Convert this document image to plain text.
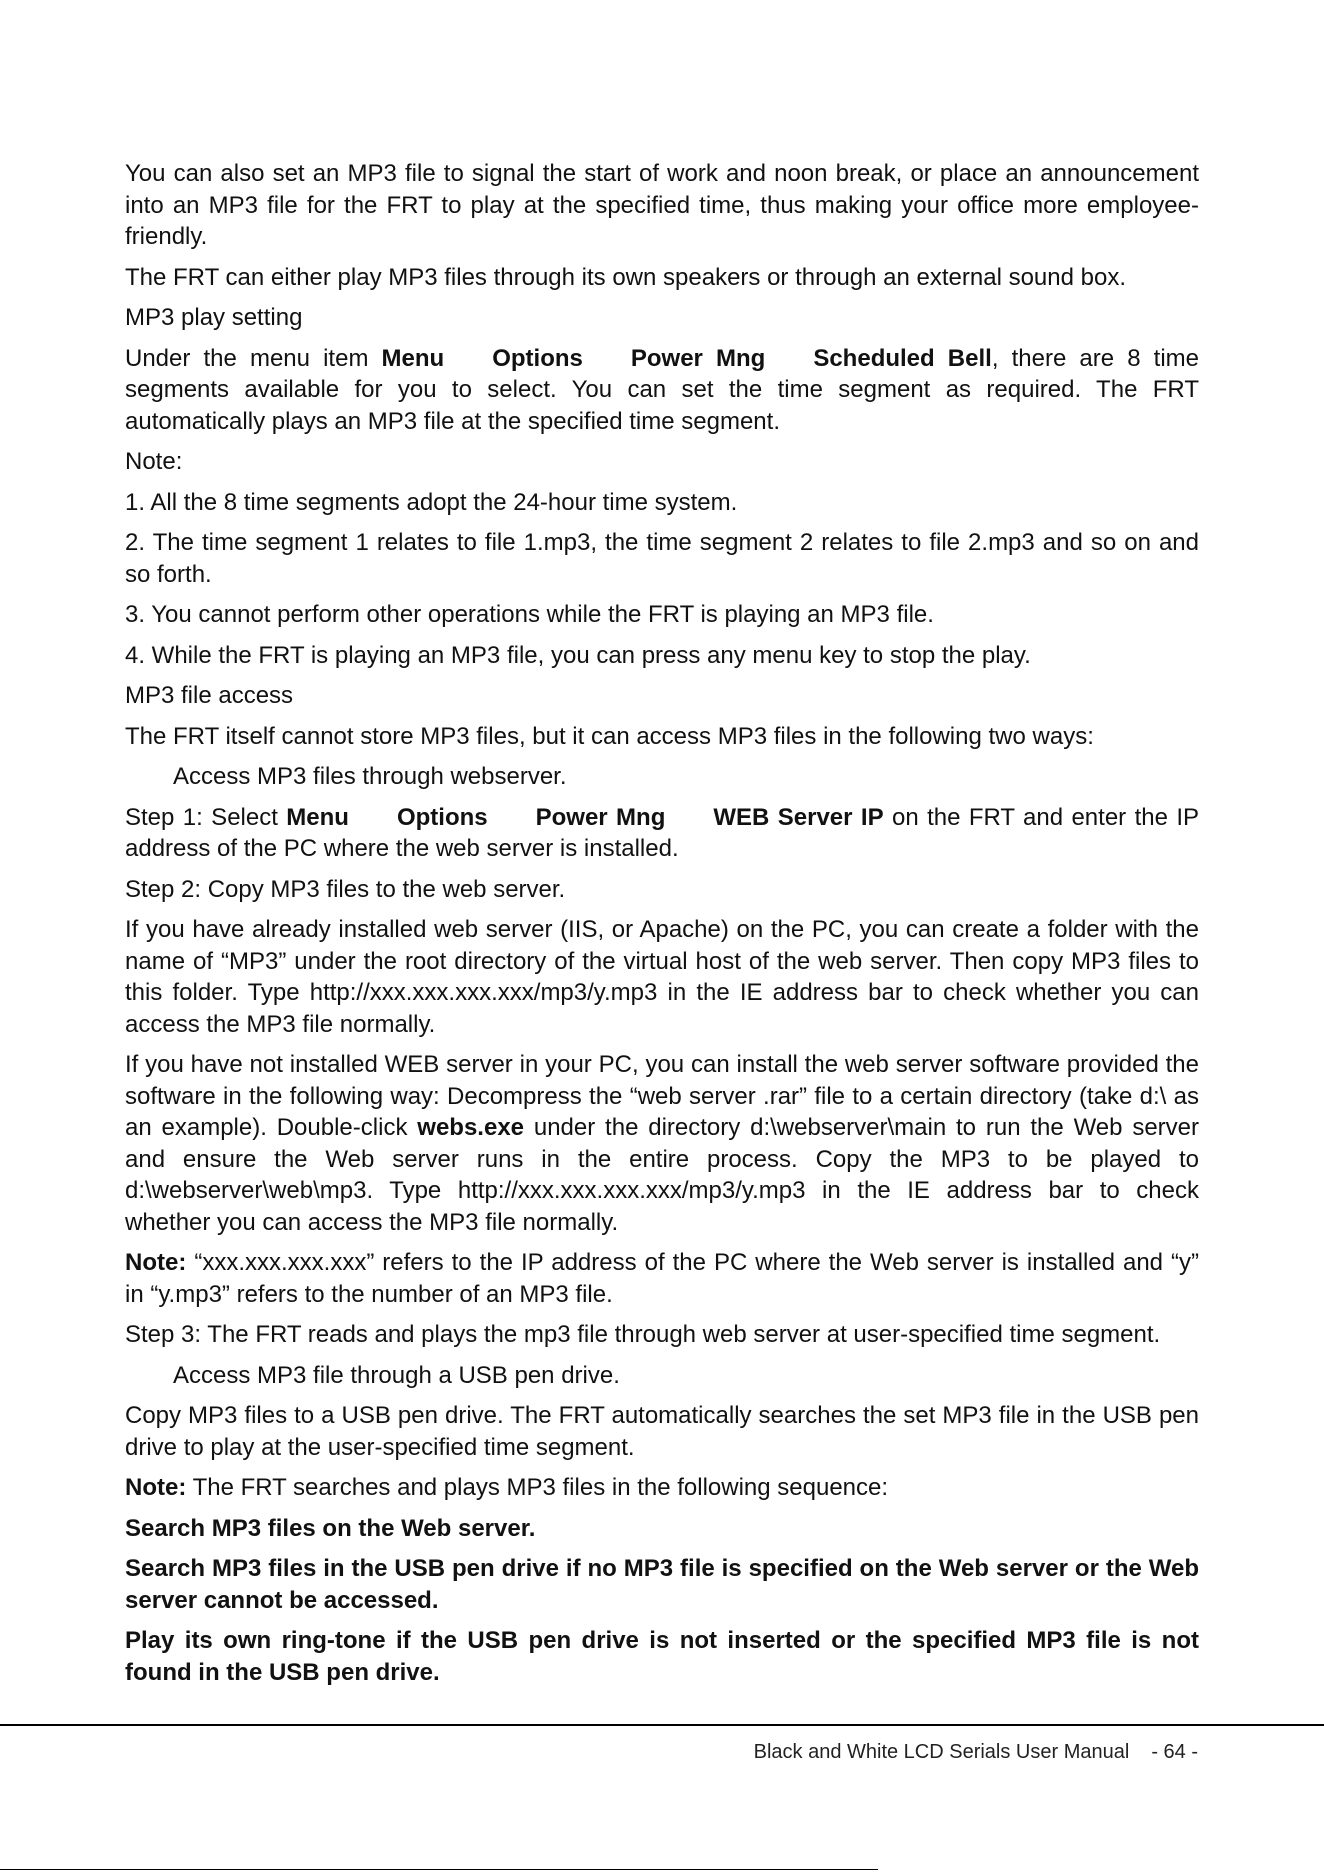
You can also set an MP3 file to signal the start of work and noon break, or place an announcement into an MP3 file for the FRT to play at the specified time, thus making your office more employee-friendly.

The FRT can either play MP3 files through its own speakers or through an external sound box.

MP3 play setting

Under the menu item Menu Options Power Mng Scheduled Bell, there are 8 time segments available for you to select. You can set the time segment as required. The FRT automatically plays an MP3 file at the specified time segment.

Note:

1. All the 8 time segments adopt the 24-hour time system.

2. The time segment 1 relates to file 1.mp3, the time segment 2 relates to file 2.mp3 and so on and so forth.

3. You cannot perform other operations while the FRT is playing an MP3 file.

4. While the FRT is playing an MP3 file, you can press any menu key to stop the play.

MP3 file access

The FRT itself cannot store MP3 files, but it can access MP3 files in the following two ways:

Access MP3 files through webserver.

Step 1: Select Menu Options Power Mng WEB Server IP on the FRT and enter the IP address of the PC where the web server is installed.

Step 2: Copy MP3 files to the web server.

If you have already installed web server (IIS, or Apache) on the PC, you can create a folder with the name of “MP3” under the root directory of the virtual host of the web server. Then copy MP3 files to this folder. Type http://xxx.xxx.xxx.xxx/mp3/y.mp3 in the IE address bar to check whether you can access the MP3 file normally.

If you have not installed WEB server in your PC, you can install the web server software provided the software in the following way: Decompress the “web server .rar” file to a certain directory (take d:\ as an example). Double-click webs.exe under the directory d:\webserver\main to run the Web server and ensure the Web server runs in the entire process. Copy the MP3 to be played to d:\webserver\web\mp3. Type http://xxx.xxx.xxx.xxx/mp3/y.mp3 in the IE address bar to check whether you can access the MP3 file normally.

Note: “xxx.xxx.xxx.xxx” refers to the IP address of the PC where the Web server is installed and “y” in “y.mp3” refers to the number of an MP3 file.

Step 3: The FRT reads and plays the mp3 file through web server at user-specified time segment.

Access MP3 file through a USB pen drive.

Copy MP3 files to a USB pen drive. The FRT automatically searches the set MP3 file in the USB pen drive to play at the user-specified time segment.

Note: The FRT searches and plays MP3 files in the following sequence:

Search MP3 files on the Web server.

Search MP3 files in the USB pen drive if no MP3 file is specified on the Web server or the Web server cannot be accessed.

Play its own ring-tone if the USB pen drive is not inserted or the specified MP3 file is not found in the USB pen drive.

Black and White LCD Serials User Manual - 64 -
